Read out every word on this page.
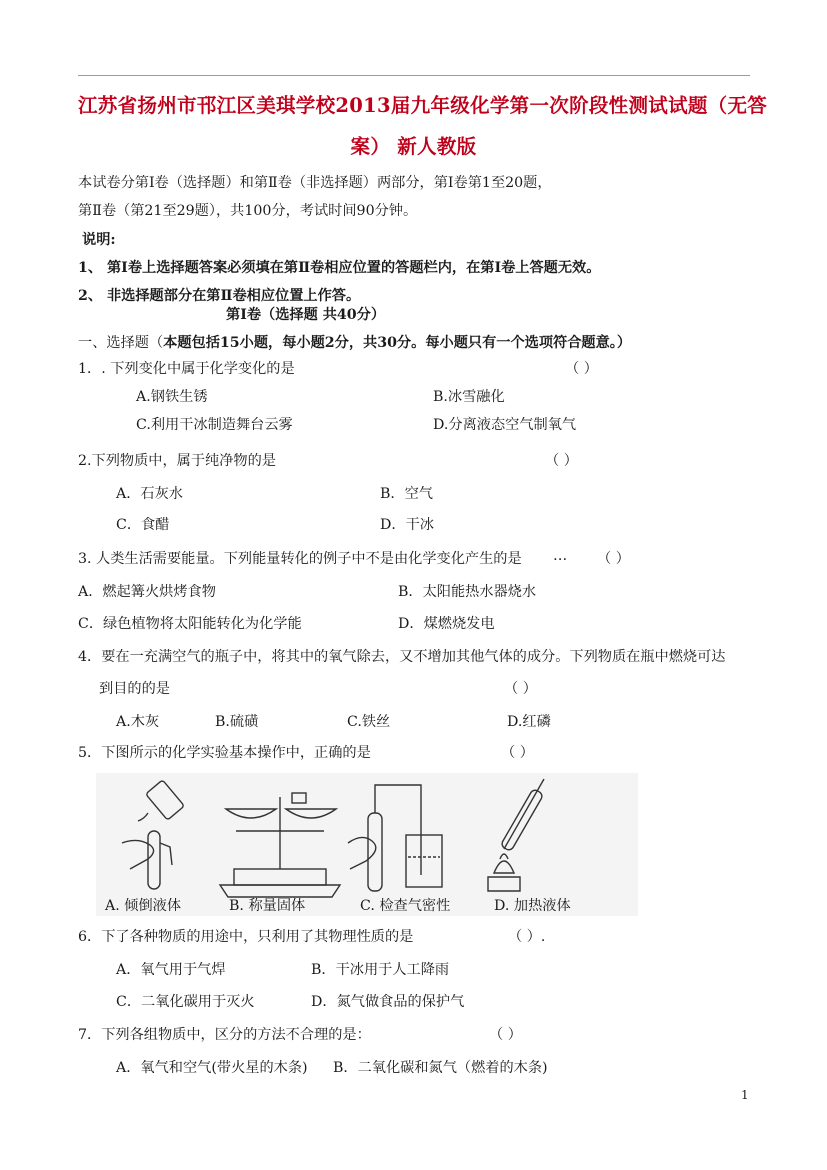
江苏省扬州市邗江区美琪学校2013届九年级化学第一次阶段性测试试题（无答
案） 新人教版
本试卷分第Ⅰ卷（选择题）和第Ⅱ卷（非选择题）两部分，第Ⅰ卷第1至20题，
第Ⅱ卷（第21至29题），共100分，考试时间90分钟。
说明:
1、 第Ⅰ卷上选择题答案必须填在第Ⅱ卷相应位置的答题栏内，在第Ⅰ卷上答题无效。
2、 非选择题部分在第Ⅱ卷相应位置上作答。
第Ⅰ卷（选择题 共40分）
一、选择题（本题包括15小题，每小题2分，共30分。每小题只有一个选项符合题意。）
1．. 下列变化中属于化学变化的是	（ ）
A.钢铁生锈	B.冰雪融化
C.利用干冰制造舞台云雾	D.分离液态空气制氧气
2.下列物质中，属于纯净物的是	（ ）
A．石灰水	B．空气
C．食醋	D．干冰
3. 人类生活需要能量。下列能量转化的例子中不是由化学变化产生的是 … （ ）
A．燃起篝火烘烤食物	B．太阳能热水器烧水
C．绿色植物将太阳能转化为化学能	D．煤燃烧发电
4．要在一充满空气的瓶子中，将其中的氧气除去，又不增加其他气体的成分。下列物质在瓶中燃烧可达
到目的的是	（ ）
A.木灰	B.硫磺	C.铁丝	D.红磷
5．下图所示的化学实验基本操作中，正确的是	（ ）
A. 倾倒液体	B. 称量固体	C. 检查气密性	D. 加热液体
6．下了各种物质的用途中，只利用了其物理性质的是	（ ）.
A．氧气用于气焊	B．干冰用于人工降雨
C．二氧化碳用于灭火	D．氮气做食品的保护气
7．下列各组物质中，区分的方法不合理的是：	（ ）
A．氧气和空气(带火星的木条) B．二氧化碳和氮气（燃着的木条)
1
